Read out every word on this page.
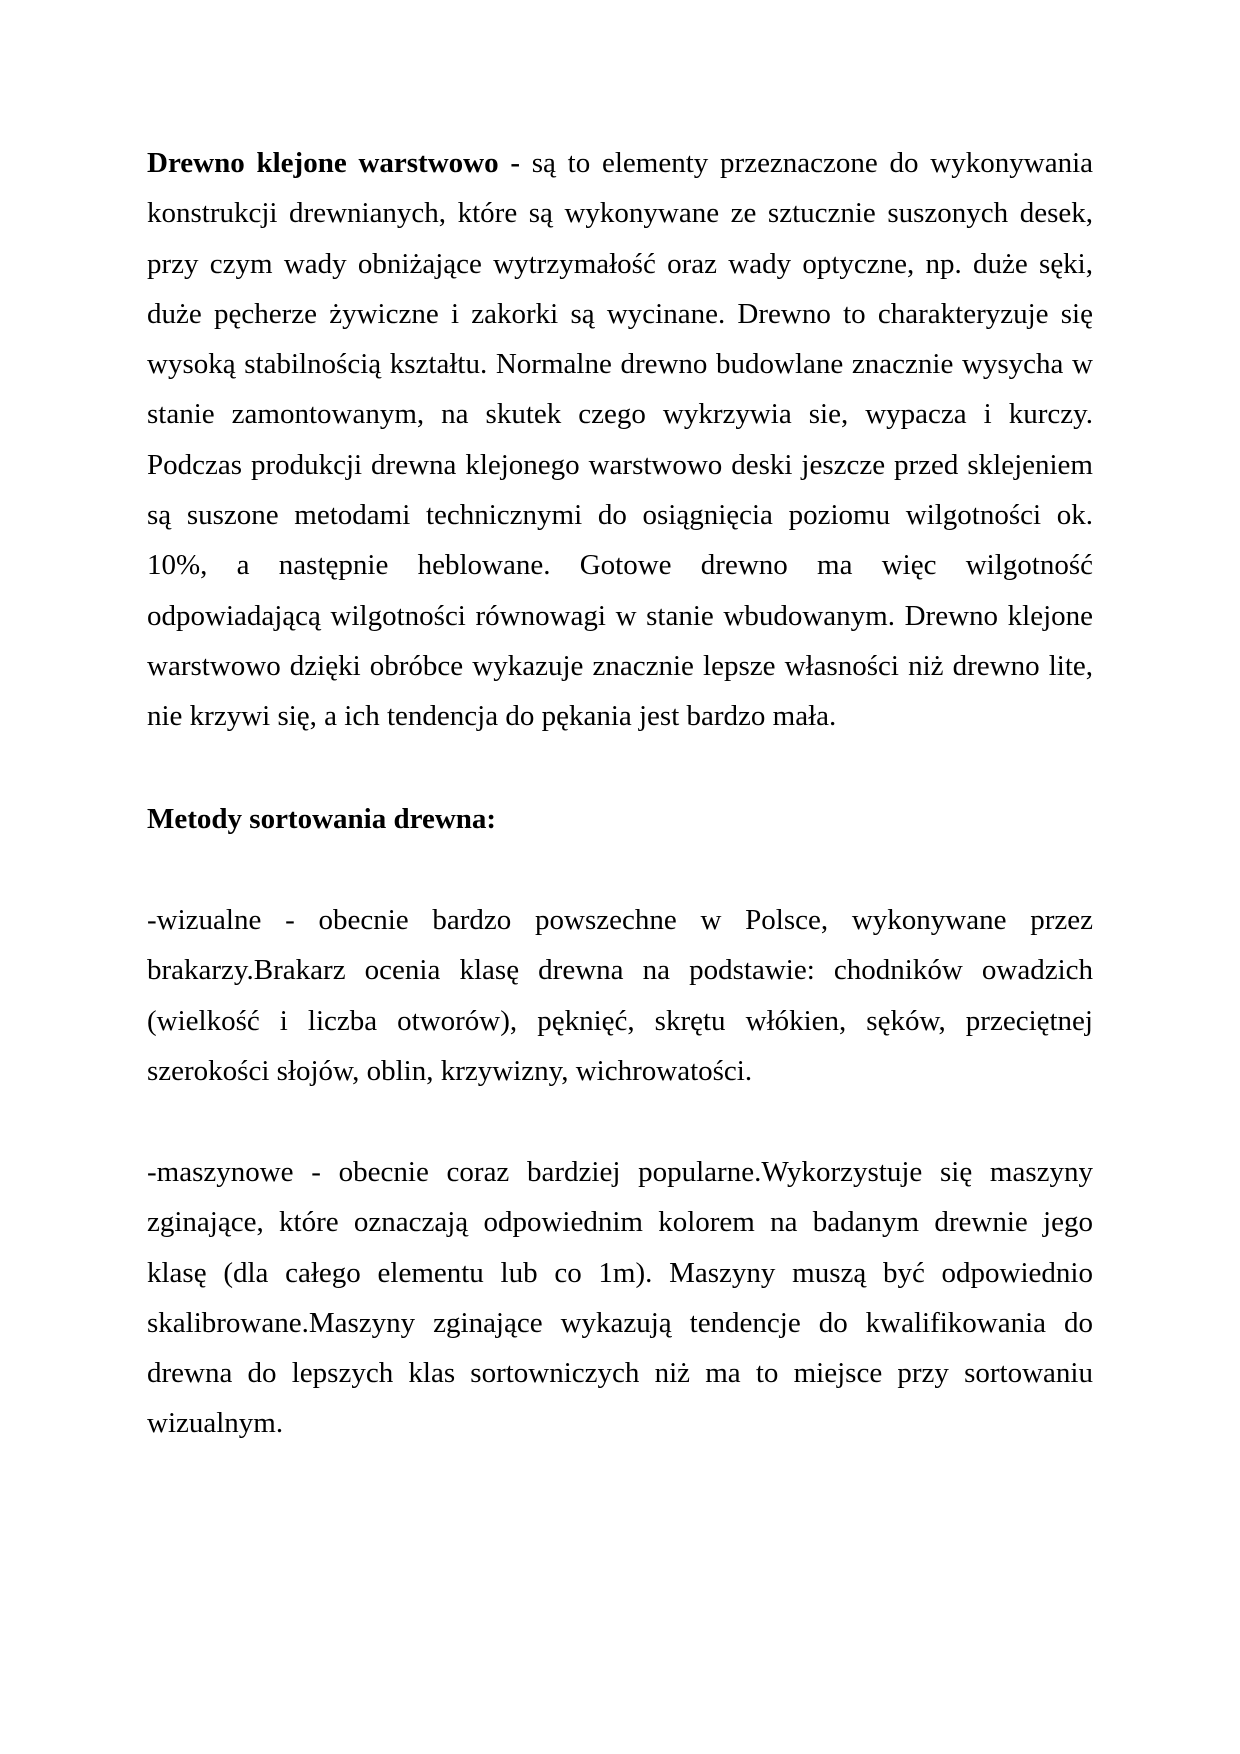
Drewno klejone warstwowo - są to elementy przeznaczone do wykonywania konstrukcji drewnianych, które są wykonywane ze sztucznie suszonych desek, przy czym wady obniżające wytrzymałość oraz wady optyczne, np. duże sęki, duże pęcherze żywiczne i zakorki są wycinane. Drewno to charakteryzuje się wysoką stabilnością kształtu. Normalne drewno budowlane znacznie wysycha w stanie zamontowanym, na skutek czego wykrzywia sie, wypacza i kurczy. Podczas produkcji drewna klejonego warstwowo deski jeszcze przed sklejeniem są suszone metodami technicznymi do osiągnięcia poziomu wilgotności ok. 10%, a następnie heblowane. Gotowe drewno ma więc wilgotność odpowiadającą wilgotności równowagi w stanie wbudowanym. Drewno klejone warstwowo dzięki obróbce wykazuje znacznie lepsze własności niż drewno lite, nie krzywi się, a ich tendencja do pękania jest bardzo mała.

Metody sortowania drewna:

-wizualne - obecnie bardzo powszechne w Polsce, wykonywane przez brakarzy.Brakarz ocenia klasę drewna na podstawie: chodników owadzich (wielkość i liczba otworów), pęknięć, skrętu włókien, sęków, przeciętnej szerokości słojów, oblin, krzywizny, wichrowatości.

-maszynowe - obecnie coraz bardziej popularne.Wykorzystuje się maszyny zginające, które oznaczają odpowiednim kolorem na badanym drewnie jego klasę (dla całego elementu lub co 1m). Maszyny muszą być odpowiednio skalibrowane.Maszyny zginające wykazują tendencje do kwalifikowania do drewna do lepszych klas sortowniczych niż ma to miejsce przy sortowaniu wizualnym.
